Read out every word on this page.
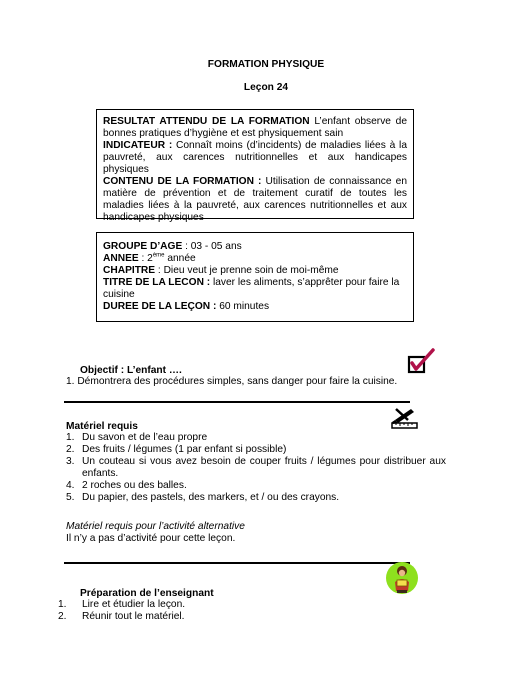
FORMATION PHYSIQUE
Leçon 24

RESULTAT ATTENDU DE LA FORMATION L’enfant observe de bonnes pratiques d’hygiène et est physiquement sain

INDICATEUR : Connaît moins (d’incidents) de maladies liées à la pauvreté, aux carences nutritionnelles et aux handicapes physiques

CONTENU DE LA FORMATION : Utilisation de connaissance en matière de prévention et de traitement curatif de toutes les maladies liées à la pauvreté, aux carences nutritionnelles et aux handicapes physiques

GROUPE D’AGE : 03 - 05 ans

ANNEE : 2ème année

CHAPITRE : Dieu veut je prenne soin de moi-même

TITRE DE LA LECON : laver les aliments, s’apprêter pour faire la cuisine

DUREE DE LA LEÇON : 60 minutes

Objectif : L’enfant ….
1. Démontrera des procédures simples, sans danger pour faire la cuisine.
Matériel requis
1. Du savon et de l’eau propre
2. Des fruits / légumes (1 par enfant si possible)
3. Un couteau si vous avez besoin de couper fruits / légumes pour distribuer aux enfants.
4. 2 roches ou des balles.
5. Du papier, des pastels, des markers, et / ou des crayons.
Matériel requis pour l’activité alternative
Il n’y a pas d’activité pour cette leçon.
Préparation de l’enseignant
1. Lire et étudier la leçon.
2. Réunir tout le matériel.
